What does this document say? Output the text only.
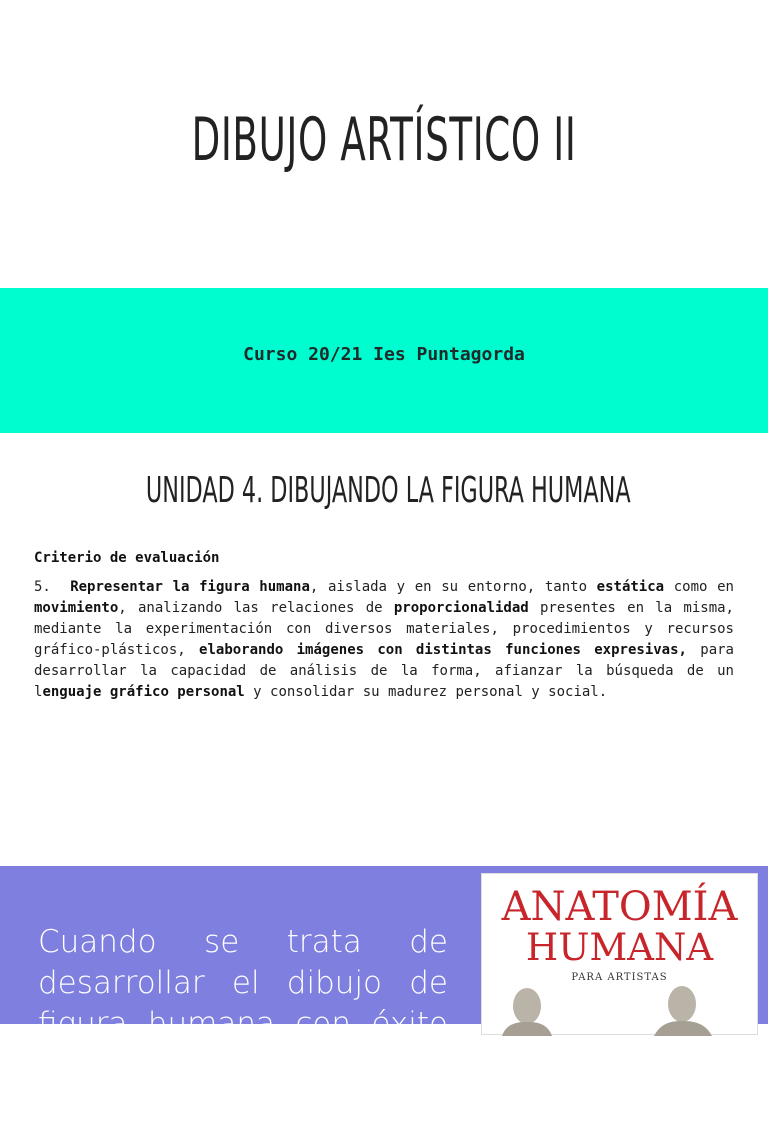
DIBUJO ARTÍSTICO II
Curso 20/21 Ies Puntagorda
UNIDAD 4. DIBUJANDO LA FIGURA HUMANA
Criterio de evaluación
5. Representar la figura humana, aislada y en su entorno, tanto estática como en movimiento, analizando las relaciones de proporcionalidad presentes en la misma, mediante la experimentación con diversos materiales, procedimientos y recursos gráfico-plásticos, elaborando imágenes con distintas funciones expresivas, para desarrollar la capacidad de análisis de la forma, afianzar la búsqueda de un lenguaje gráfico personal y consolidar su madurez personal y social.
Cuando se trata de desarrollar el dibujo de figura humana con éxito conocer la anatomía humana
ANATOMÍA
HUMANA
PARA ARTISTAS
